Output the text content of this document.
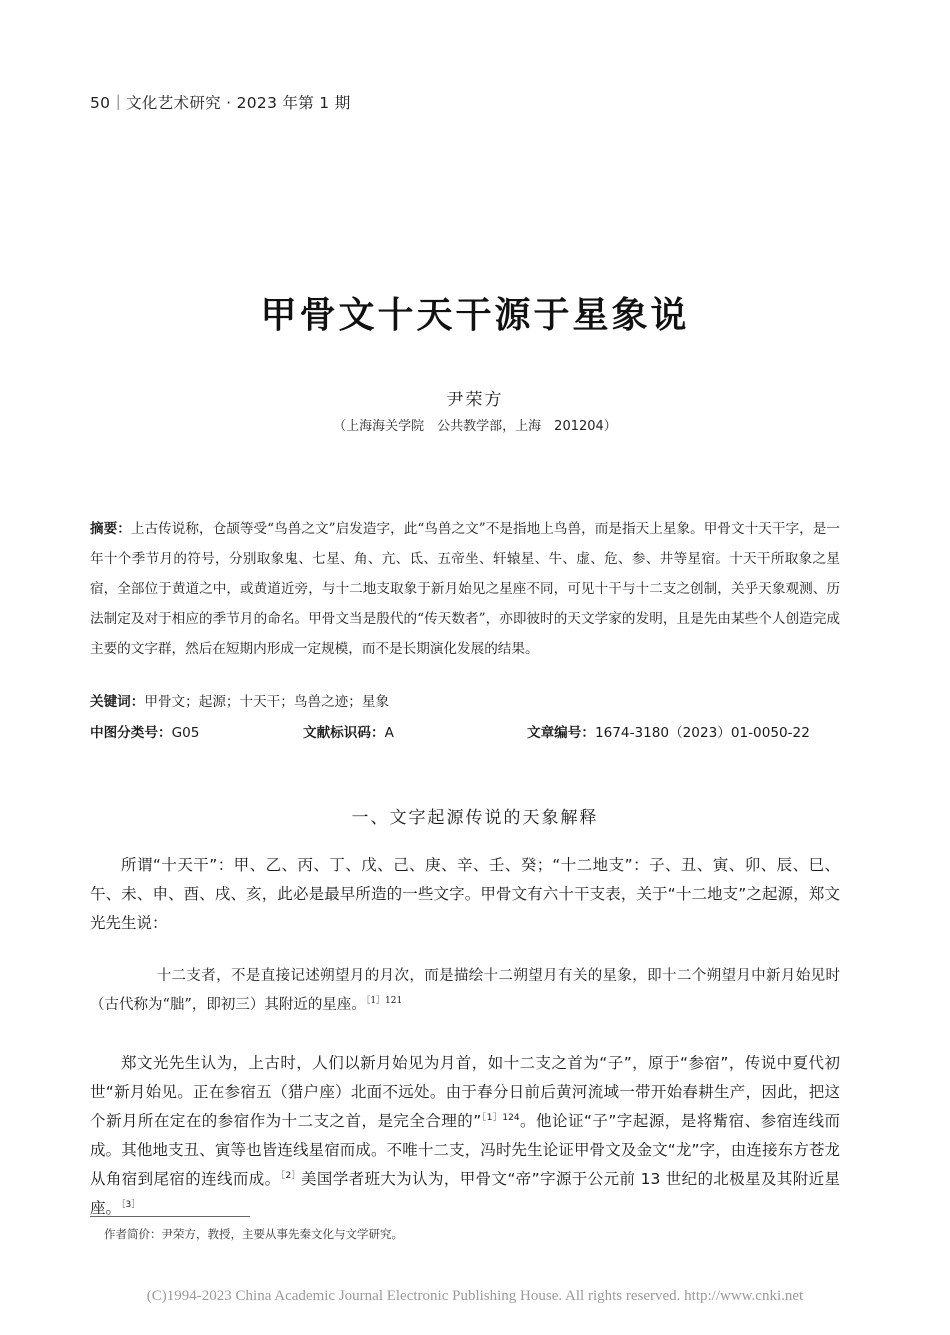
50｜文化艺术研究 · 2023 年第 1 期
甲骨文十天干源于星象说
尹荣方
（上海海关学院　公共教学部，上海　201204）
摘要：上古传说称，仓颉等受“鸟兽之文”启发造字，此“鸟兽之文”不是指地上鸟兽，而是指天上星象。甲骨文十天干字，是一年十个季节月的符号，分别取象鬼、七星、角、亢、氐、五帝坐、轩辕星、牛、虚、危、参、井等星宿。十天干所取象之星宿，全部位于黄道之中，或黄道近旁，与十二地支取象于新月始见之星座不同，可见十干与十二支之创制，关乎天象观测、历法制定及对于相应的季节月的命名。甲骨文当是殷代的“传天数者”，亦即彼时的天文学家的发明，且是先由某些个人创造完成主要的文字群，然后在短期内形成一定规模，而不是长期演化发展的结果。
关键词：甲骨文；起源；十天干；鸟兽之迹；星象
中图分类号：G05	文献标识码：A	文章编号：1674-3180（2023）01-0050-22
一、文字起源传说的天象解释

所谓“十天干”：甲、乙、丙、丁、戊、己、庚、辛、壬、癸；“十二地支”：子、丑、寅、卯、辰、巳、午、未、申、酉、戌、亥，此必是最早所造的一些文字。甲骨文有六十干支表，关于“十二地支”之起源，郑文光先生说：

十二支者，不是直接记述朔望月的月次，而是描绘十二朔望月有关的星象，即十二个朔望月中新月始见时（古代称为“朏”，即初三）其附近的星座。$^{[1]121}$

郑文光先生认为，上古时，人们以新月始见为月首，如十二支之首为“子”，原于“参宿”，传说中夏代初世“新月始见。正在参宿五（猎户座）北面不远处。由于春分日前后黄河流域一带开始春耕生产，因此，把这个新月所在定在的参宿作为十二支之首，是完全合理的”$^{[1]124}$。他论证“子”字起源，是将觜宿、参宿连线而成。其他地支丑、寅等也皆连线星宿而成。不唯十二支，冯时先生论证甲骨文及金文“龙”字，由连接东方苍龙从角宿到尾宿的连线而成。$^{[2]}$美国学者班大为认为，甲骨文“帝”字源于公元前 13 世纪的北极星及其附近星座。$^{[3]}$

作者简价：尹荣方，教授，主要从事先秦文化与文学研究。
(C)1994-2023 China Academic Journal Electronic Publishing House. All rights reserved. http://www.cnki.net
